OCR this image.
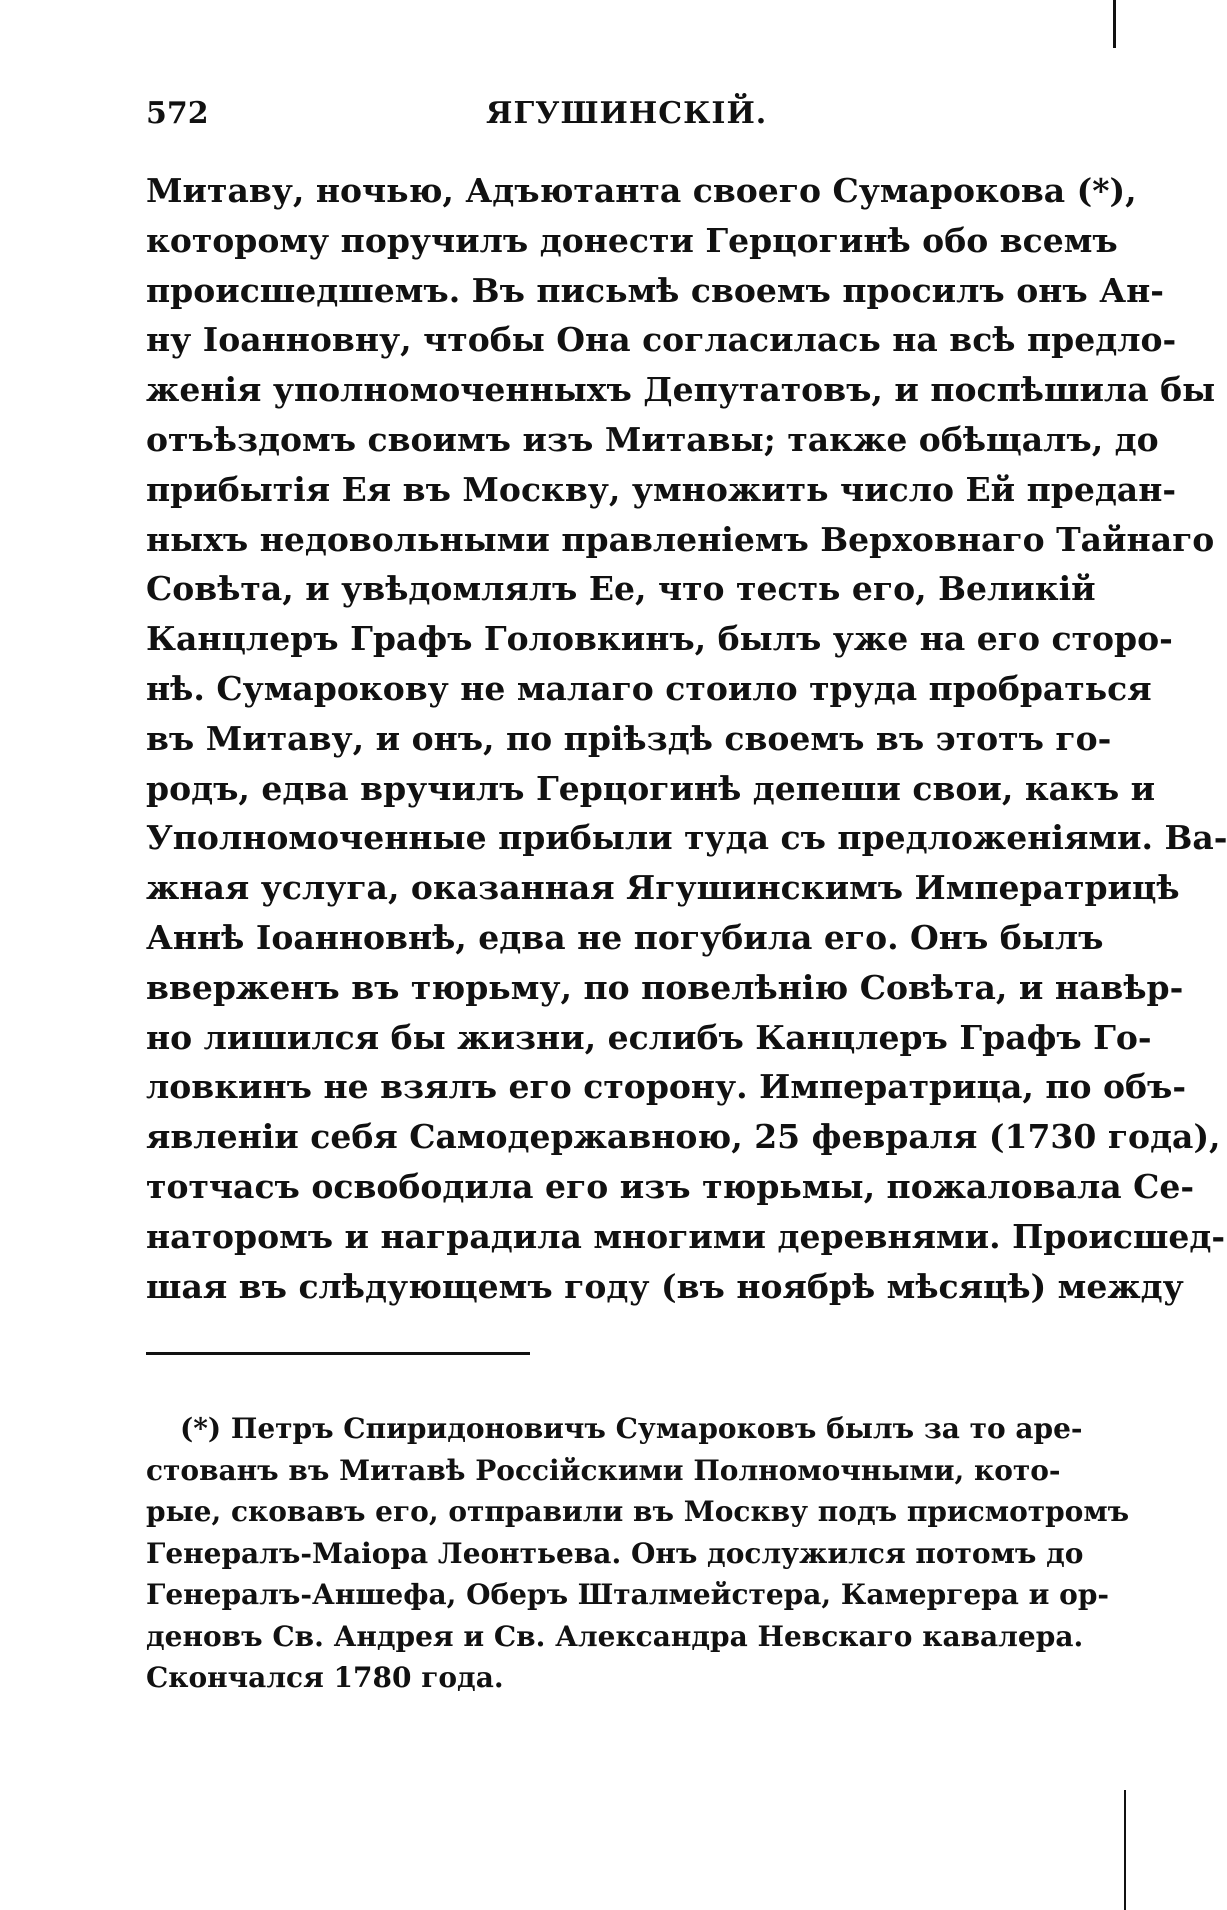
572	ЯГУШИНСКІЙ.
Митаву, ночью, Адъютанта своего Сумарокова (*),
которому поручилъ донести Герцогинѣ обо всемъ
происшедшемъ. Въ письмѣ своемъ просилъ онъ Ан-
ну Іоанновну, чтобы Она согласилась на всѣ предло-
женія уполномоченныхъ Депутатовъ, и поспѣшила бы
отъѣздомъ своимъ изъ Митавы; также обѣщалъ, до
прибытія Ея въ Москву, умножить число Ей предан-
ныхъ недовольными правленіемъ Верховнаго Тайнаго
Совѣта, и увѣдомлялъ Ее, что тесть его, Великій
Канцлеръ Графъ Головкинъ, былъ уже на его сторо-
нѣ. Сумарокову не малаго стоило труда пробраться
въ Митаву, и онъ, по пріѣздѣ своемъ въ этотъ го-
родъ, едва вручилъ Герцогинѣ депеши свои, какъ и
Уполномоченные прибыли туда съ предложеніями. Ва-
жная услуга, оказанная Ягушинскимъ Императрицѣ
Аннѣ Іоанновнѣ, едва не погубила его. Онъ былъ
вверженъ въ тюрьму, по повелѣнію Совѣта, и навѣр-
но лишился бы жизни, еслибъ Канцлеръ Графъ Го-
ловкинъ не взялъ его сторону. Императрица, по объ-
явленіи себя Самодержавною, 25 февраля (1730 года),
тотчасъ освободила его изъ тюрьмы, пожаловала Се-
наторомъ и наградила многими деревнями. Происшед-
шая въ слѣдующемъ году (въ ноябрѣ мѣсяцѣ) между
(*) Петръ Спиридоновичъ Сумароковъ былъ за то аре-
стованъ въ Митавѣ Россійскими Полномочными, кото-
рые, сковавъ его, отправили въ Москву подъ присмотромъ
Генералъ-Маіора Леонтьева. Онъ дослужился потомъ до
Генералъ-Аншефа, Оберъ Шталмейстера, Камергера и ор-
деновъ Св. Андрея и Св. Александра Невскаго кавалера.
Скончался 1780 года.
